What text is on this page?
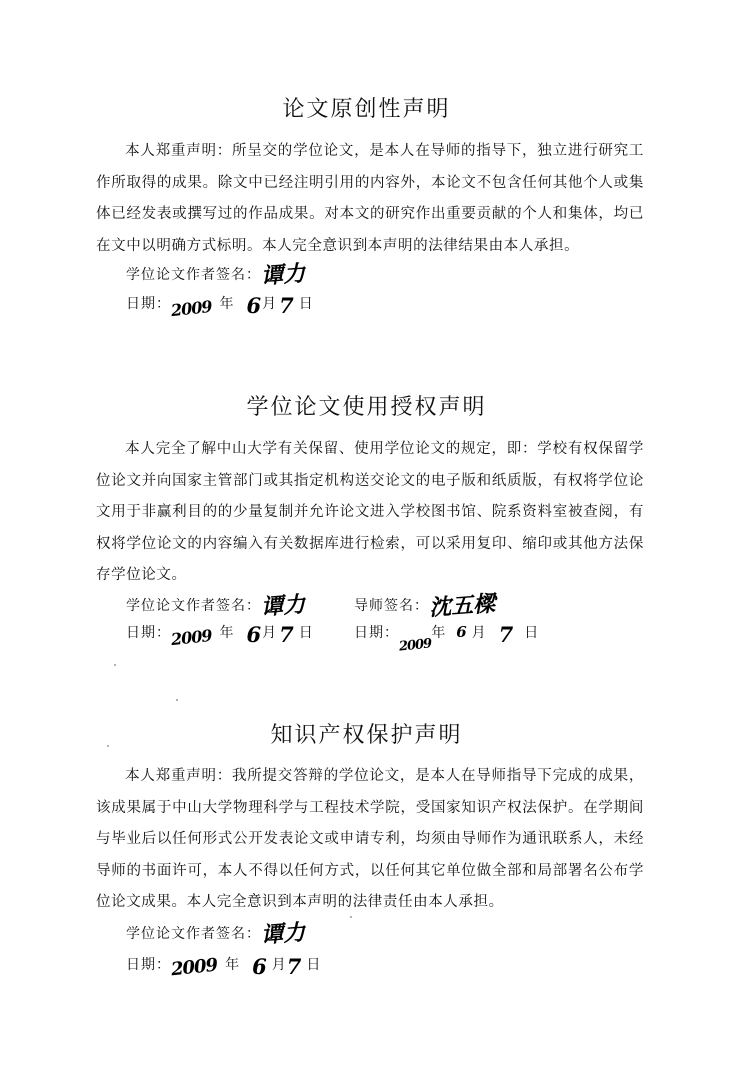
论文原创性声明
本人郑重声明：所呈交的学位论文，是本人在导师的指导下，独立进行研究工作所取得的成果。除文中已经注明引用的内容外，本论文不包含任何其他个人或集体已经发表或撰写过的作品成果。对本文的研究作出重要贡献的个人和集体，均已在文中以明确方式标明。本人完全意识到本声明的法律结果由本人承担。
学位论文作者签名：谭力
日期：2009 年 6月7 日
学位论文使用授权声明
本人完全了解中山大学有关保留、使用学位论文的规定，即：学校有权保留学位论文并向国家主管部门或其指定机构送交论文的电子版和纸质版，有权将学位论文用于非赢利目的的少量复制并允许论文进入学校图书馆、院系资料室被查阅，有权将学位论文的内容编入有关数据库进行检索，可以采用复印、缩印或其他方法保存学位论文。
学位论文作者签名：谭力	导师签名：沈五樑
日期：2009 年 6月7 日	日期：2009年 6 月 7 日
知识产权保护声明
本人郑重声明：我所提交答辩的学位论文，是本人在导师指导下完成的成果，该成果属于中山大学物理科学与工程技术学院，受国家知识产权法保护。在学期间与毕业后以任何形式公开发表论文或申请专利，均须由导师作为通讯联系人，未经导师的书面许可，本人不得以任何方式，以任何其它单位做全部和局部署名公布学位论文成果。本人完全意识到本声明的法律责任由本人承担。
学位论文作者签名：谭力
日期：2009 年 6 月7 日
